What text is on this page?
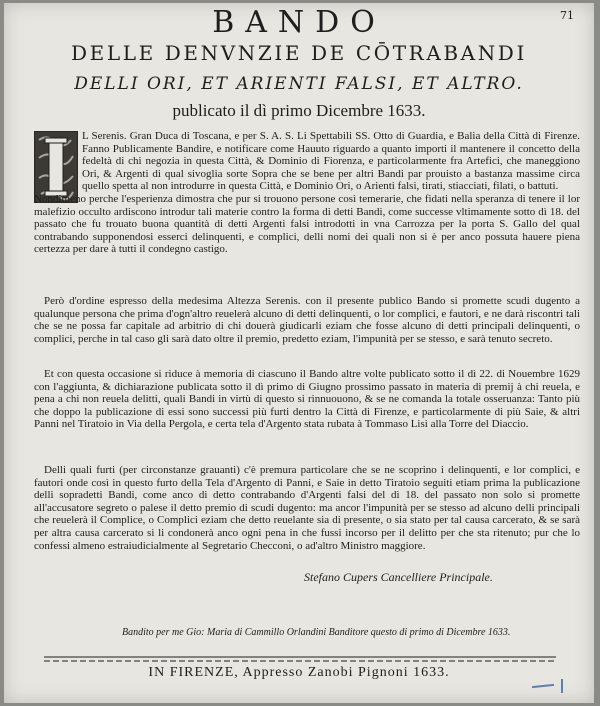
71
BANDO
DELLE DENVNZIE DE CŌTRABANDI
DELLI ORI, ET ARIENTI FALSI, ET ALTRO.
publicato il dì primo Dicembre 1633.

L Serenis. Gran Duca di Toscana, e per S. A. S. Li Spettabili SS. Otto di Guardia, e Balia della Città di Firenze. Fanno Publicamente Bandire, e notificare come Hauuto riguardo a quanto importi il mantenere il concetto della fedeltà di chi negozia in questa Città, & Dominio di Fiorenza, e particolarmente fra Artefici, che maneggiono Ori, & Argenti di qual sivoglia sorte Sopra che se bene per altri Bandi par prouisto a bastanza massime circa quello spetta al non introdurre in questa Città, e Dominio Ori, o Arienti falsi, tirati, stiacciati, filati, o battuti.

Nondimeno perche l'esperienza dimostra che pur si trouono persone così temerarie, che fidati nella speranza di tenere il lor malefizio occulto ardiscono introdur tali materie contro la forma di detti Bandi, come successe vltimamente sotto dì 18. del passato che fu trouato buona quantità di detti Argenti falsi introdotti in vna Carrozza per la porta S. Gallo del qual contrabando supponendosi esserci delinquenti, e complici, delli nomi dei quali non si è per anco possuta hauere piena certezza per dare à tutti il condegno castigo.

Però d'ordine espresso della medesima Altezza Serenis. con il presente publico Bando si promette scudi dugento a qualunque persona che prima d'ogn'altro reuelerà alcuno di detti delinquenti, o lor complici, e fautori, e ne darà riscontri tali che se ne possa far capitale ad arbitrio di chi douerà giudicarli eziam che fosse alcuno di detti principali delinquenti, o complici, perche in tal caso gli sarà dato oltre il premio, predetto eziam, l'impunità per se stesso, e sarà tenuto secreto.

Et con questa occasione si riduce à memoria di ciascuno il Bando altre volte publicato sotto il dì 22. di Nouembre 1629 con l'aggiunta, & dichiarazione publicata sotto il dì primo di Giugno prossimo passato in materia di premij à chi reuela, e pena a chi non reuela delitti, quali Bandi in virtù di questo si rinnuouono, & se ne comanda la totale osseruanza: Tanto più che doppo la publicazione di essi sono successi più furti dentro la Città di Firenze, e particolarmente di più Saie, & altri Panni nel Tiratoio in Via della Pergola, e certa tela d'Argento stata rubata à Tommaso Lisi alla Torre del Diaccio.

Delli quali furti (per circonstanze grauanti) c'è premura particolare che se ne scoprino i delinquenti, e lor complici, e fautori onde così in questo furto della Tela d'Argento di Panni, e Saie in detto Tiratoio seguiti etiam prima la publicazione delli sopradetti Bandi, come anco di detto contrabando d'Argenti falsi del dì 18. del passato non solo si promette all'accusatore segreto o palese il detto premio di scudi dugento: ma ancor l'impunità per se stesso ad alcuno delli principali che reuelerà il Complice, o Complici eziam che detto reuelante sia di presente, o sia stato per tal causa carcerato, & se sarà per altra causa carcerato si li condonerà anco ogni pena in che fussi incorso per il delitto per che sta ritenuto; pur che lo confessi almeno estraiudicialmente al Segretario Checconi, o ad'altro Ministro maggiore.

Stefano Cupers Cancelliere Principale.
Bandito per me Gio: Maria di Cammillo Orlandini Banditore questo di primo di Dicembre 1633.
IN FIRENZE, Appresso Zanobi Pignoni 1633.
